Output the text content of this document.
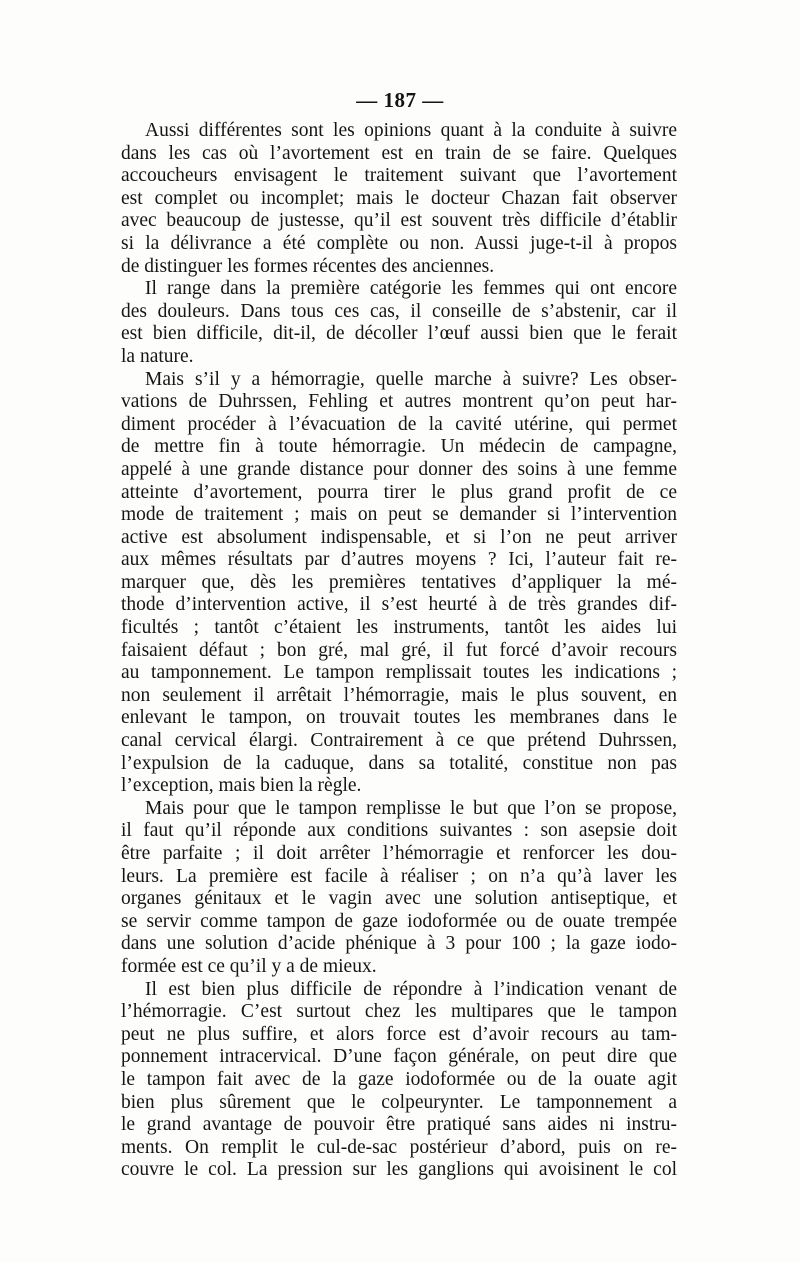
— 187 —
Aussi différentes sont les opinions quant à la conduite à suivre
dans les cas où l’avortement est en train de se faire. Quelques
accoucheurs envisagent le traitement suivant que l’avortement
est complet ou incomplet; mais le docteur Chazan fait observer
avec beaucoup de justesse, qu’il est souvent très difficile d’établir
si la délivrance a été complète ou non. Aussi juge-t-il à propos
de distinguer les formes récentes des anciennes.
Il range dans la première catégorie les femmes qui ont encore
des douleurs. Dans tous ces cas, il conseille de s’abstenir, car il
est bien difficile, dit-il, de décoller l’œuf aussi bien que le ferait
la nature.
Mais s’il y a hémorragie, quelle marche à suivre? Les obser-
vations de Duhrssen, Fehling et autres montrent qu’on peut har-
diment procéder à l’évacuation de la cavité utérine, qui permet
de mettre fin à toute hémorragie. Un médecin de campagne,
appelé à une grande distance pour donner des soins à une femme
atteinte d’avortement, pourra tirer le plus grand profit de ce
mode de traitement ; mais on peut se demander si l’intervention
active est absolument indispensable, et si l’on ne peut arriver
aux mêmes résultats par d’autres moyens ? Ici, l’auteur fait re-
marquer que, dès les premières tentatives d’appliquer la mé-
thode d’intervention active, il s’est heurté à de très grandes dif-
ficultés ; tantôt c’étaient les instruments, tantôt les aides lui
faisaient défaut ; bon gré, mal gré, il fut forcé d’avoir recours
au tamponnement. Le tampon remplissait toutes les indications ;
non seulement il arrêtait l’hémorragie, mais le plus souvent, en
enlevant le tampon, on trouvait toutes les membranes dans le
canal cervical élargi. Contrairement à ce que prétend Duhrssen,
l’expulsion de la caduque, dans sa totalité, constitue non pas
l’exception, mais bien la règle.
Mais pour que le tampon remplisse le but que l’on se propose,
il faut qu’il réponde aux conditions suivantes : son asepsie doit
être parfaite ; il doit arrêter l’hémorragie et renforcer les dou-
leurs. La première est facile à réaliser ; on n’a qu’à laver les
organes génitaux et le vagin avec une solution antiseptique, et
se servir comme tampon de gaze iodoformée ou de ouate trempée
dans une solution d’acide phénique à 3 pour 100 ; la gaze iodo-
formée est ce qu’il y a de mieux.
Il est bien plus difficile de répondre à l’indication venant de
l’hémorragie. C’est surtout chez les multipares que le tampon
peut ne plus suffire, et alors force est d’avoir recours au tam-
ponnement intracervical. D’une façon générale, on peut dire que
le tampon fait avec de la gaze iodoformée ou de la ouate agit
bien plus sûrement que le colpeurynter. Le tamponnement a
le grand avantage de pouvoir être pratiqué sans aides ni instru-
ments. On remplit le cul-de-sac postérieur d’abord, puis on re-
couvre le col. La pression sur les ganglions qui avoisinent le col
